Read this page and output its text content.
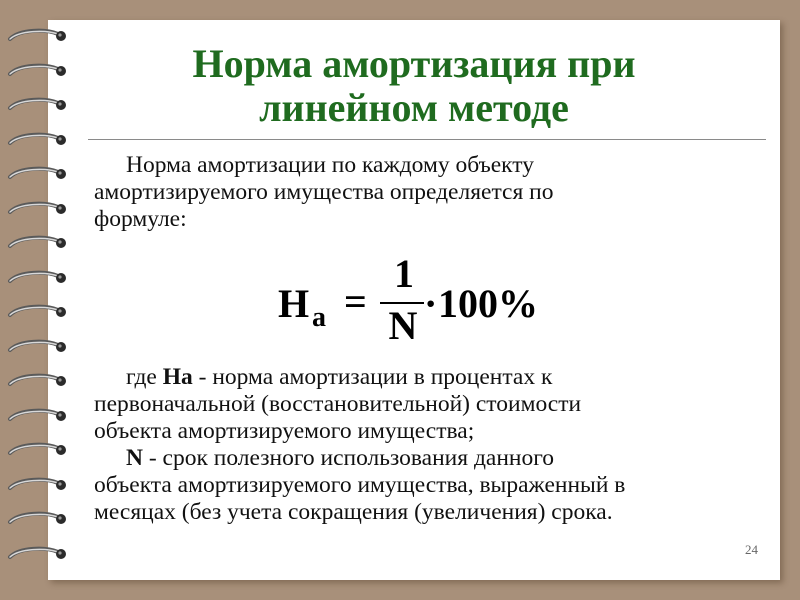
Норма амортизация при
линейном методе
Норма амортизации по каждому объекту
амортизируемого имущества определяется по
формуле:
Н а =
1
N · 100%
где На - норма амортизации в процентах к
первоначальной (восстановительной) стоимости
объекта амортизируемого имущества;
N - срок полезного использования данного
объекта амортизируемого имущества, выраженный в
месяцах (без учета сокращения (увеличения) срока.
24
